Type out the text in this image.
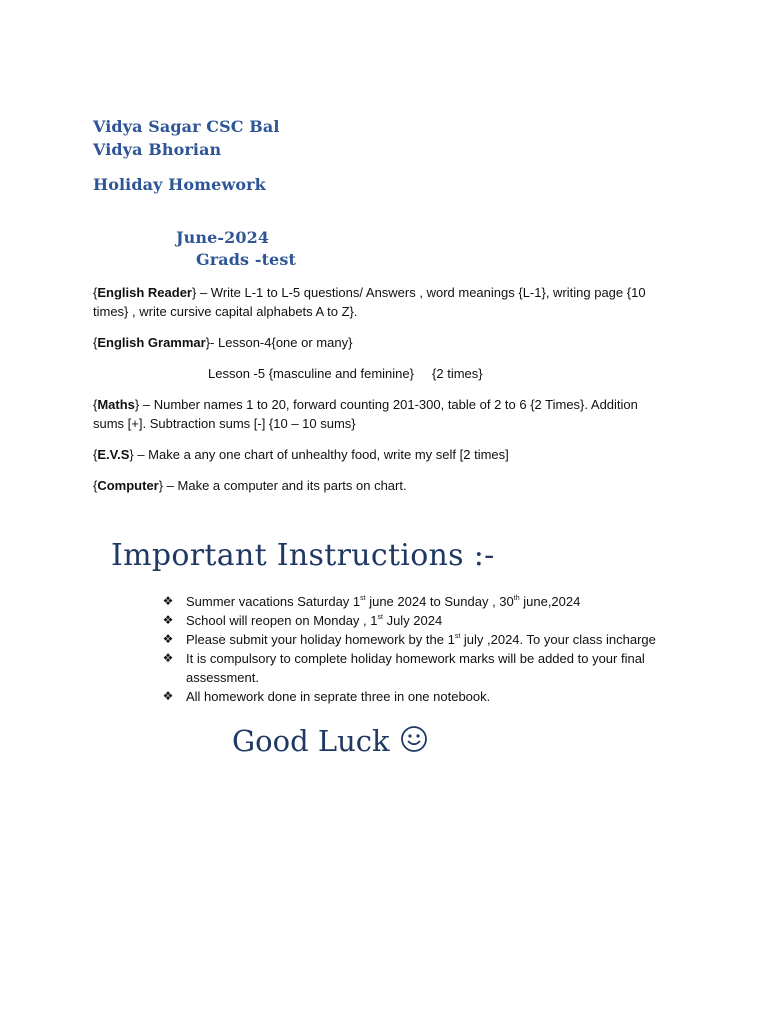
Vidya Sagar CSC Bal
Vidya Bhorian
Holiday Homework
June-2024
Grads -test
{English Reader} – Write L-1 to L-5 questions/ Answers , word meanings {L-1}, writing page {10 times} , write cursive capital alphabets A to Z}.
{English Grammar}- Lesson-4{one or many}
Lesson -5 {masculine and feminine}     {2 times}
{Maths} – Number names 1 to 20, forward counting 201-300, table of 2 to 6 {2 Times}. Addition sums [+]. Subtraction sums [-] {10 – 10 sums}
{E.V.S} – Make a any one chart of unhealthy food, write my self [2 times]
{Computer} – Make a computer and its parts on chart.
Important Instructions :-
❖ Summer vacations Saturday 1st june 2024 to Sunday , 30th june,2024
❖ School will reopen on Monday , 1st July 2024
❖ Please submit your holiday homework by the 1st july ,2024. To your class incharge
❖ It is compulsory to complete holiday homework marks will be added to your final assessment.
❖ All homework done in seprate three in one notebook.
Good Luck
